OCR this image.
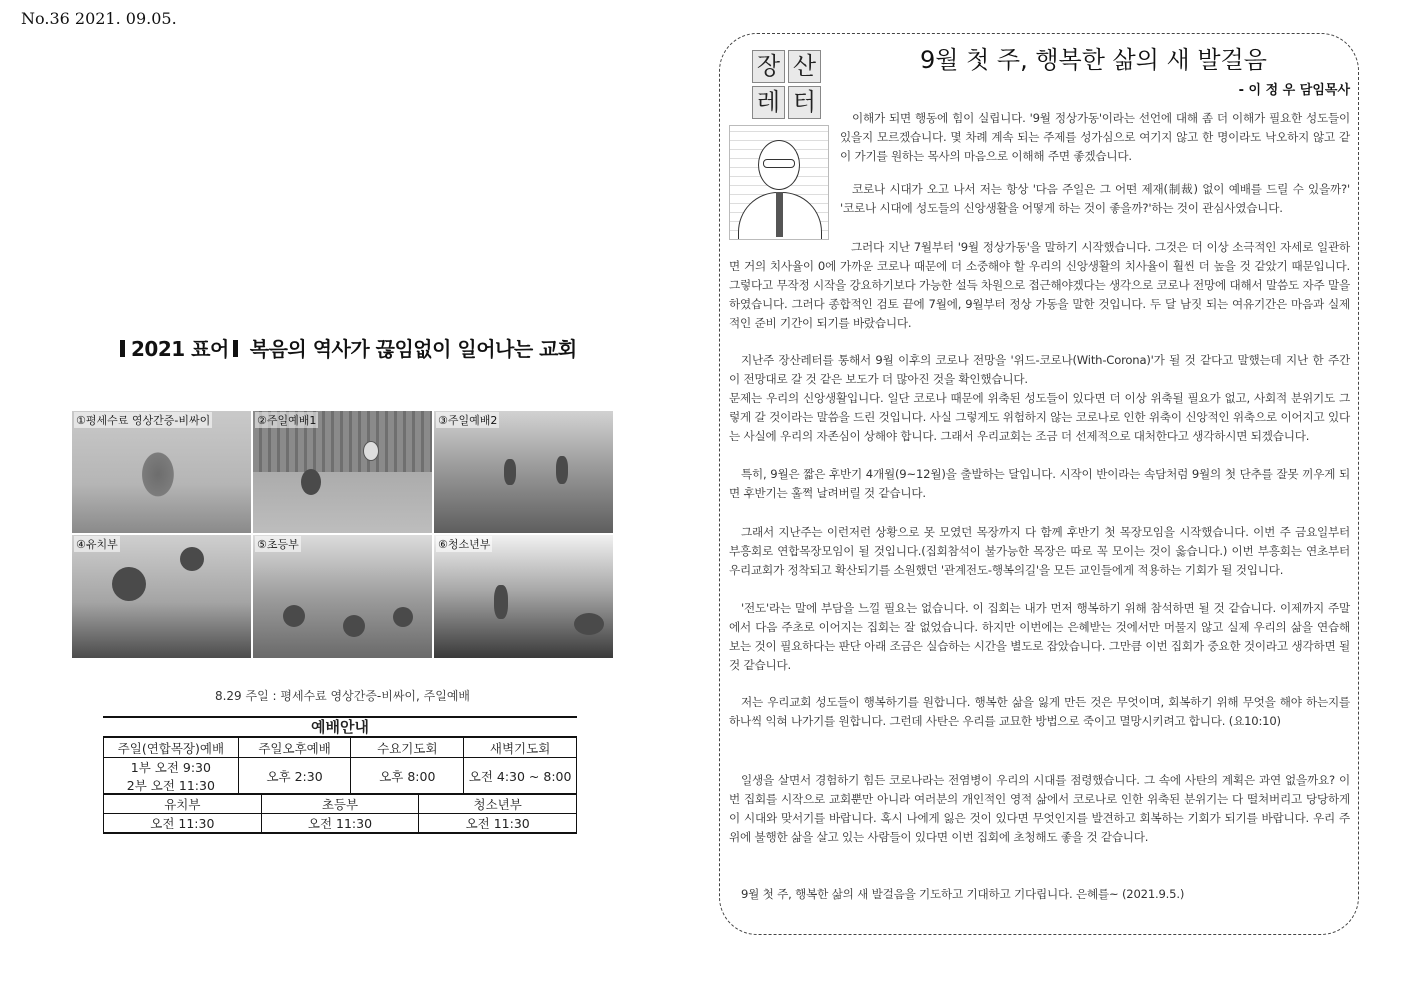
No.36 2021. 09.05.
2021 표어 복음의 역사가 끊임없이 일어나는 교회
①평세수료 영상간증-비싸이	②주일예배1	③주일예배2
④유치부	⑤초등부	⑥청소년부
8.29 주일 : 평세수료 영상간증-비싸이, 주일예배
예배안내
주일(연합목장)예배	주일오후예배	수요기도회	새벽기도회

1부 오전 9:30
2부 오전 11:30	오후 2:30	오후 8:00	오전 4:30 ~ 8:00
유치부	초등부	청소년부
오전 11:30	오전 11:30	오전 11:30
장 산
레 터
9월 첫 주, 행복한 삶의 새 발걸음
- 이 정 우 담임목사
이해가 되면 행동에 힘이 실립니다. '9월 정상가동'이라는 선언에 대해 좀 더 이해가 필요한 성도들이 있을지 모르겠습니다. 몇 차례 계속 되는 주제를 성가심으로 여기지 않고 한 명이라도 낙오하지 않고 같이 가기를 원하는 목사의 마음으로 이해해 주면 좋겠습니다.
코로나 시대가 오고 나서 저는 항상 '다음 주일은 그 어떤 제재(制裁) 없이 예배를 드릴 수 있을까?' '코로나 시대에 성도들의 신앙생활을 어떻게 하는 것이 좋을까?'하는 것이 관심사였습니다.
그러다 지난 7월부터 '9월 정상가동'을 말하기 시작했습니다. 그것은 더 이상 소극적인 자세로 일관하면 거의 치사율이 0에 가까운 코로나 때문에 더 소중해야 할 우리의 신앙생활의 치사율이 훨씬 더 높을 것 같았기 때문입니다. 그렇다고 무작정 시작을 강요하기보다 가능한 설득 차원으로 접근해야겠다는 생각으로 코로나 전망에 대해서 말씀도 자주 말을 하였습니다. 그러다 종합적인 검토 끝에 7월에, 9월부터 정상 가동을 말한 것입니다. 두 달 남짓 되는 여유기간은 마음과 실제적인 준비 기간이 되기를 바랐습니다.
지난주 장산레터를 통해서 9월 이후의 코로나 전망을 '위드-코로나(With-Corona)'가 될 것 같다고 말했는데 지난 한 주간 이 전망대로 갈 것 같은 보도가 더 많아진 것을 확인했습니다.
문제는 우리의 신앙생활입니다. 일단 코로나 때문에 위축된 성도들이 있다면 더 이상 위축될 필요가 없고, 사회적 분위기도 그렇게 갈 것이라는 말씀을 드린 것입니다. 사실 그렇게도 위험하지 않는 코로나로 인한 위축이 신앙적인 위축으로 이어지고 있다는 사실에 우리의 자존심이 상해야 합니다. 그래서 우리교회는 조금 더 선제적으로 대처한다고 생각하시면 되겠습니다.
특히, 9월은 짧은 후반기 4개월(9~12월)을 출발하는 달입니다. 시작이 반이라는 속담처럼 9월의 첫 단추를 잘못 끼우게 되면 후반기는 훌쩍 날려버릴 것 같습니다.
그래서 지난주는 이런저런 상황으로 못 모였던 목장까지 다 함께 후반기 첫 목장모임을 시작했습니다. 이번 주 금요일부터 부흥회로 연합목장모임이 될 것입니다.(집회참석이 불가능한 목장은 따로 꼭 모이는 것이 옳습니다.) 이번 부흥회는 연초부터 우리교회가 정착되고 확산되기를 소원했던 '관계전도-행복의길'을 모든 교인들에게 적용하는 기회가 될 것입니다.
'전도'라는 말에 부담을 느낄 필요는 없습니다. 이 집회는 내가 먼저 행복하기 위해 참석하면 될 것 같습니다. 이제까지 주말에서 다음 주초로 이어지는 집회는 잘 없었습니다. 하지만 이번에는 은혜받는 것에서만 머물지 않고 실제 우리의 삶을 연습해 보는 것이 필요하다는 판단 아래 조금은 실습하는 시간을 별도로 잡았습니다. 그만큼 이번 집회가 중요한 것이라고 생각하면 될 것 같습니다.
저는 우리교회 성도들이 행복하기를 원합니다. 행복한 삶을 잃게 만든 것은 무엇이며, 회복하기 위해 무엇을 해야 하는지를 하나씩 익혀 나가기를 원합니다. 그런데 사탄은 우리를 교묘한 방법으로 죽이고 멸망시키려고 합니다. (요10:10)
일생을 살면서 경험하기 힘든 코로나라는 전염병이 우리의 시대를 점령했습니다. 그 속에 사탄의 계획은 과연 없을까요? 이번 집회를 시작으로 교회뿐만 아니라 여러분의 개인적인 영적 삶에서 코로나로 인한 위축된 분위기는 다 떨쳐버리고 당당하게 이 시대와 맞서기를 바랍니다. 혹시 나에게 잃은 것이 있다면 무엇인지를 발견하고 회복하는 기회가 되기를 바랍니다. 우리 주위에 불행한 삶을 살고 있는 사람들이 있다면 이번 집회에 초청해도 좋을 것 같습니다.
9월 첫 주, 행복한 삶의 새 발걸음을 기도하고 기대하고 기다립니다. 은혜를~ (2021.9.5.)
